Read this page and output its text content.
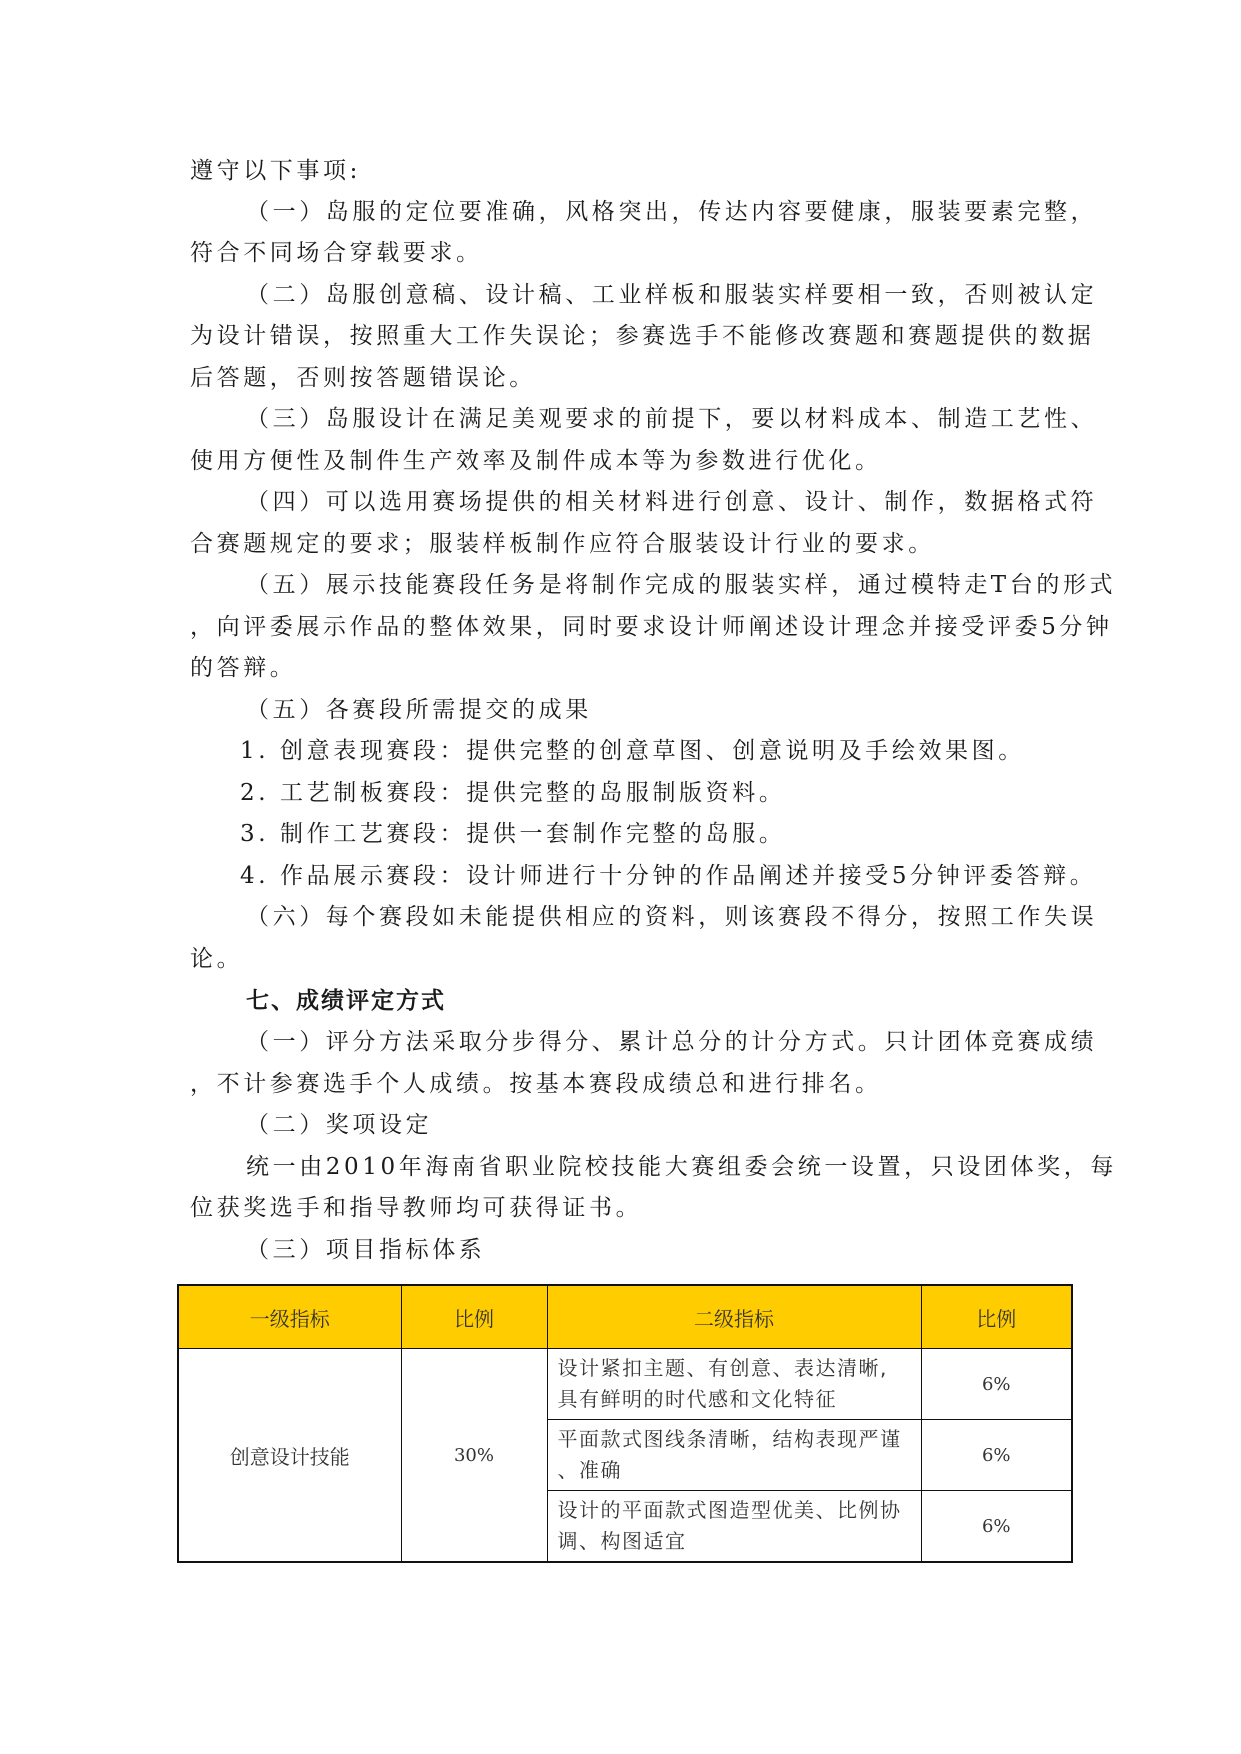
遵守以下事项:
（一）岛服的定位要准确，风格突出，传达内容要健康，服装要素完整，
符合不同场合穿载要求。
（二）岛服创意稿、设计稿、工业样板和服装实样要相一致，否则被认定
为设计错误，按照重大工作失误论；参赛选手不能修改赛题和赛题提供的数据
后答题，否则按答题错误论。
（三）岛服设计在满足美观要求的前提下，要以材料成本、制造工艺性、
使用方便性及制件生产效率及制件成本等为参数进行优化。
（四）可以选用赛场提供的相关材料进行创意、设计、制作，数据格式符
合赛题规定的要求；服装样板制作应符合服装设计行业的要求。
（五）展示技能赛段任务是将制作完成的服装实样，通过模特走T台的形式
，向评委展示作品的整体效果，同时要求设计师阐述设计理念并接受评委5分钟
的答辩。
（五）各赛段所需提交的成果
1. 创意表现赛段：提供完整的创意草图、创意说明及手绘效果图。
2. 工艺制板赛段：提供完整的岛服制版资料。
3. 制作工艺赛段：提供一套制作完整的岛服。
4. 作品展示赛段：设计师进行十分钟的作品阐述并接受5分钟评委答辩。
（六）每个赛段如未能提供相应的资料，则该赛段不得分，按照工作失误
论。
七、成绩评定方式
（一）评分方法采取分步得分、累计总分的计分方式。只计团体竞赛成绩
，不计参赛选手个人成绩。按基本赛段成绩总和进行排名。
（二）奖项设定
统一由2010年海南省职业院校技能大赛组委会统一设置，只设团体奖，每
位获奖选手和指导教师均可获得证书。
（三）项目指标体系
一级指标	比例	二级指标	比例
创意设计技能	30%	设计紧扣主题、有创意、表达清晰,
具有鲜明的时代感和文化特征	6%

		平面款式图线条清晰，结构表现严谨
、准确	6%

		设计的平面款式图造型优美、比例协
调、构图适宜	6%
